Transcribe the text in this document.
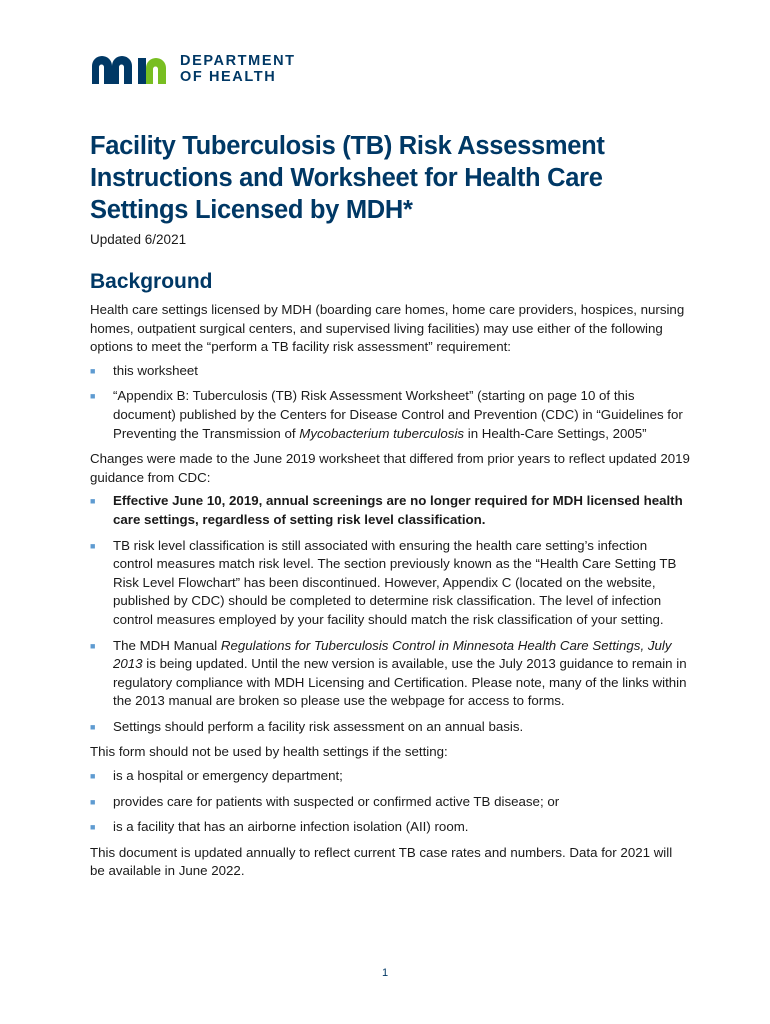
DEPARTMENT
OF HEALTH
Facility Tuberculosis (TB) Risk Assessment Instructions and Worksheet for Health Care Settings Licensed by MDH*

Updated 6/2021

Background

Health care settings licensed by MDH (boarding care homes, home care providers, hospices, nursing homes, outpatient surgical centers, and supervised living facilities) may use either of the following options to meet the “perform a TB facility risk assessment” requirement:

■ this worksheet
■ “Appendix B: Tuberculosis (TB) Risk Assessment Worksheet” (starting on page 10 of this document) published by the Centers for Disease Control and Prevention (CDC) in “Guidelines for Preventing the Transmission of Mycobacterium tuberculosis in Health-Care Settings, 2005”

Changes were made to the June 2019 worksheet that differed from prior years to reflect updated 2019 guidance from CDC:

■ Effective June 10, 2019, annual screenings are no longer required for MDH licensed health care settings, regardless of setting risk level classification.
■ TB risk level classification is still associated with ensuring the health care setting’s infection control measures match risk level. The section previously known as the “Health Care Setting TB Risk Level Flowchart” has been discontinued. However, Appendix C (located on the website, published by CDC) should be completed to determine risk classification. The level of infection control measures employed by your facility should match the risk classification of your setting.
■ The MDH Manual Regulations for Tuberculosis Control in Minnesota Health Care Settings, July 2013 is being updated. Until the new version is available, use the July 2013 guidance to remain in regulatory compliance with MDH Licensing and Certification. Please note, many of the links within the 2013 manual are broken so please use the webpage for access to forms.
■ Settings should perform a facility risk assessment on an annual basis.

This form should not be used by health settings if the setting:

■ is a hospital or emergency department;
■ provides care for patients with suspected or confirmed active TB disease; or
■ is a facility that has an airborne infection isolation (AII) room.

This document is updated annually to reflect current TB case rates and numbers. Data for 2021 will be available in June 2022.

1
